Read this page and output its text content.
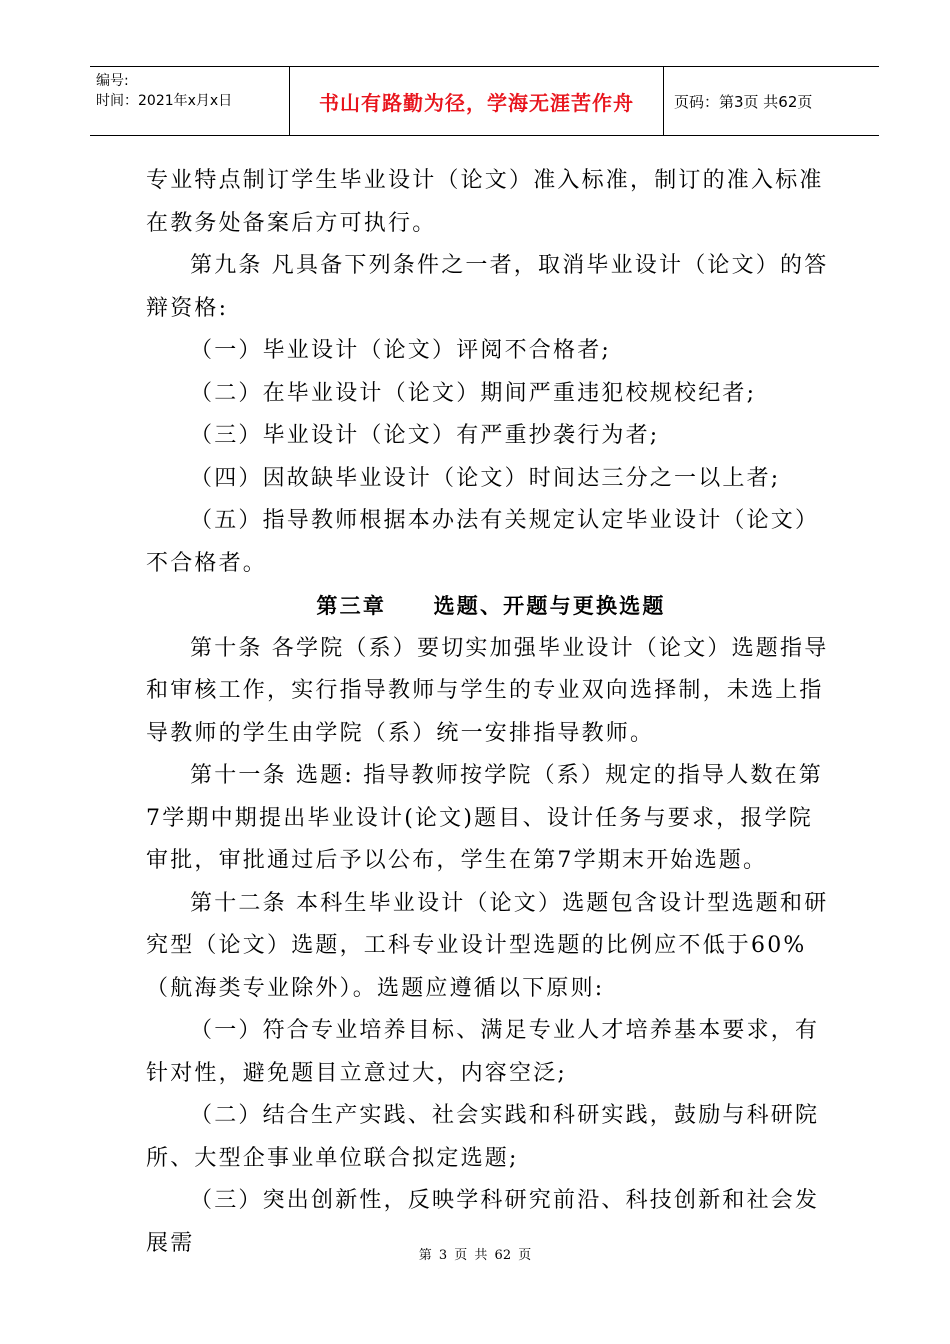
编号:
时间：2021年x月x日	书山有路勤为径，学海无涯苦作舟	页码：第3页 共62页

专业特点制订学生毕业设计（论文）准入标准，制订的准入标准在教务处备案后方可执行。

第九条 凡具备下列条件之一者，取消毕业设计（论文）的答辩资格:

（一）毕业设计（论文）评阅不合格者;

（二）在毕业设计（论文）期间严重违犯校规校纪者;

（三）毕业设计（论文）有严重抄袭行为者;

（四）因故缺毕业设计（论文）时间达三分之一以上者;

（五）指导教师根据本办法有关规定认定毕业设计（论文）不合格者。

第三章     选题、开题与更换选题

第十条 各学院（系）要切实加强毕业设计（论文）选题指导和审核工作，实行指导教师与学生的专业双向选择制，未选上指导教师的学生由学院（系）统一安排指导教师。

第十一条 选题: 指导教师按学院（系）规定的指导人数在第7学期中期提出毕业设计(论文)题目、设计任务与要求，报学院审批，审批通过后予以公布，学生在第7学期末开始选题。

第十二条 本科生毕业设计（论文）选题包含设计型选题和研究型（论文）选题，工科专业设计型选题的比例应不低于60%（航海类专业除外）。选题应遵循以下原则:

（一）符合专业培养目标、满足专业人才培养基本要求，有针对性，避免题目立意过大，内容空泛;

（二）结合生产实践、社会实践和科研实践，鼓励与科研院所、大型企事业单位联合拟定选题;

（三）突出创新性，反映学科研究前沿、科技创新和社会发展需	第 3 页 共 62 页
